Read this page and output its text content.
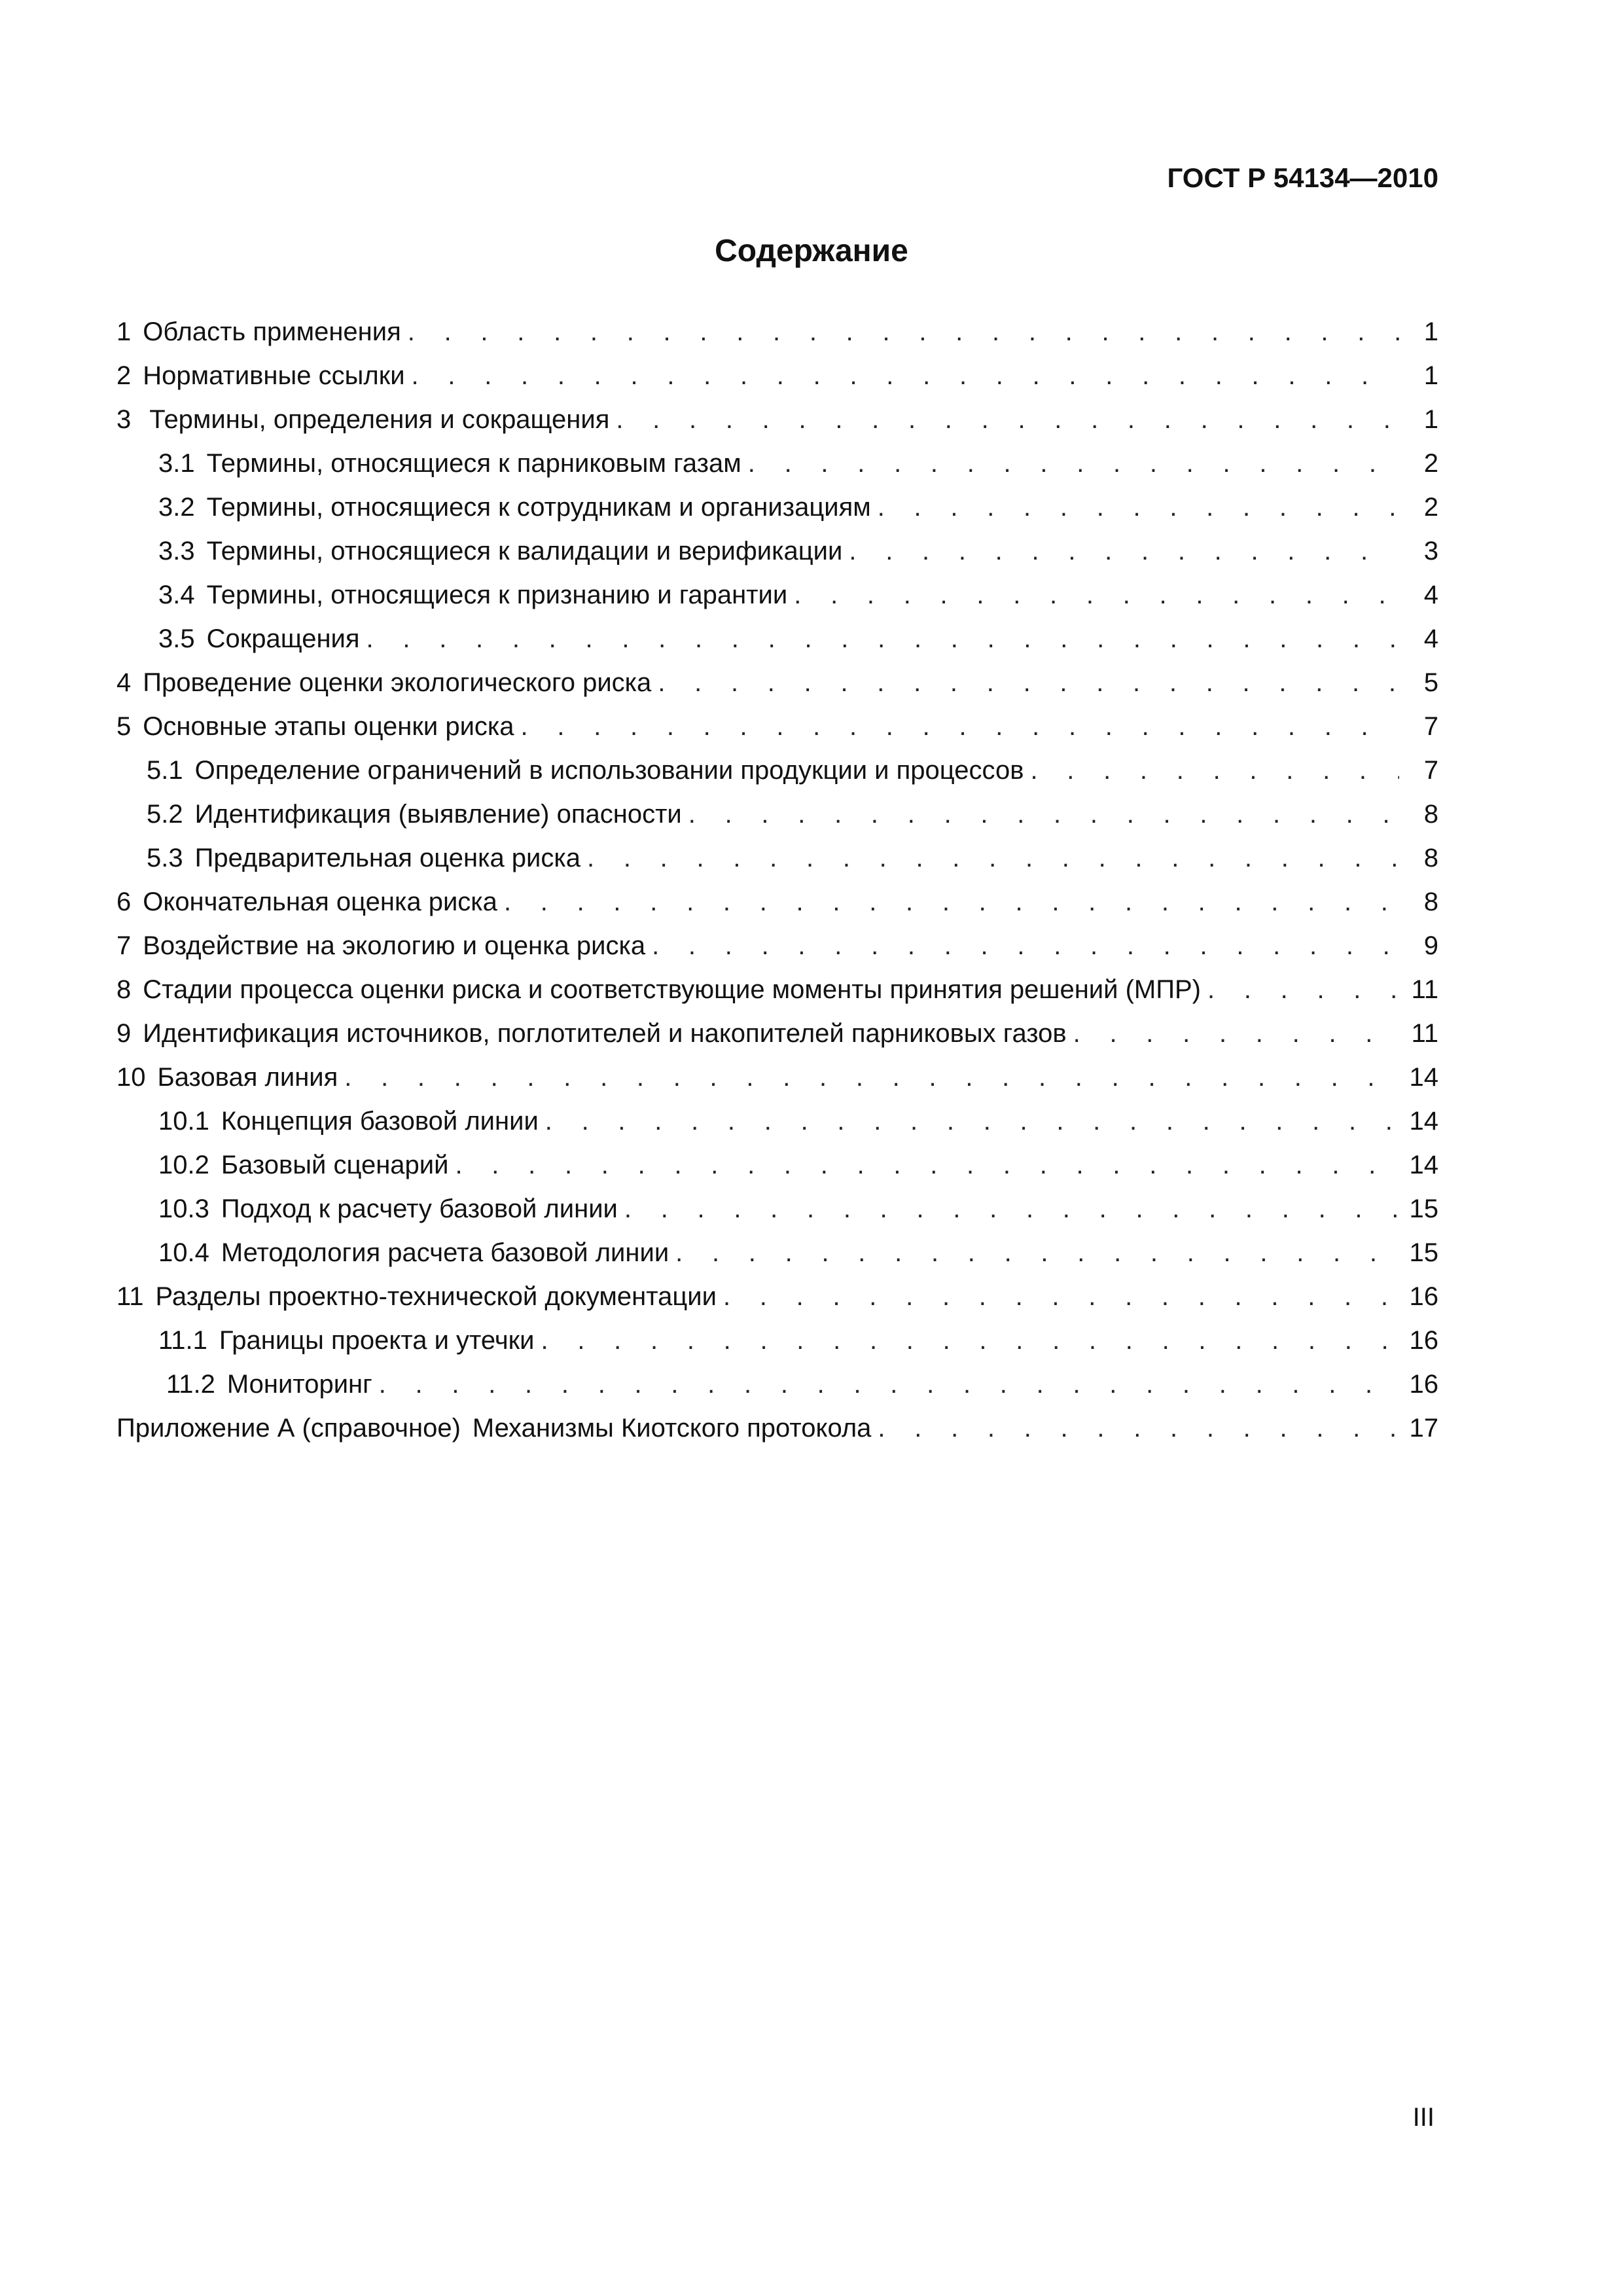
ГОСТ Р 54134—2010
Содержание
1 Область применения . . .	1
2 Нормативные ссылки . . .	1
3 Термины, определения и сокращения . . .	1
3.1 Термины, относящиеся к парниковым газам . . .	2
3.2 Термины, относящиеся к сотрудникам и организациям . . .	2
3.3 Термины, относящиеся к валидации и верификации . . .	3
3.4 Термины, относящиеся к признанию и гарантии . . .	4
3.5 Сокращения . . .	4
4 Проведение оценки экологического риска . . .	5
5 Основные этапы оценки риска . . .	7
5.1 Определение ограничений в использовании продукции и процессов . . .	7
5.2 Идентификация (выявление) опасности . . .	8
5.3 Предварительная оценка риска . . .	8
6 Окончательная оценка риска . . .	8
7 Воздействие на экологию и оценка риска . . .	9
8 Стадии процесса оценки риска и соответствующие моменты принятия решений (МПР) . . .	11
9 Идентификация источников, поглотителей и накопителей парниковых газов . . .	11
10 Базовая линия . . .	14
10.1 Концепция базовой линии . . .	14
10.2 Базовый сценарий . . .	14
10.3 Подход к расчету базовой линии . . .	15
10.4 Методология расчета базовой линии . . .	15
11 Разделы проектно-технической документации . . .	16
11.1 Границы проекта и утечки . . .	16
11.2 Мониторинг . . .	16
Приложение А (справочное) Механизмы Киотского протокола . . .	17
III
